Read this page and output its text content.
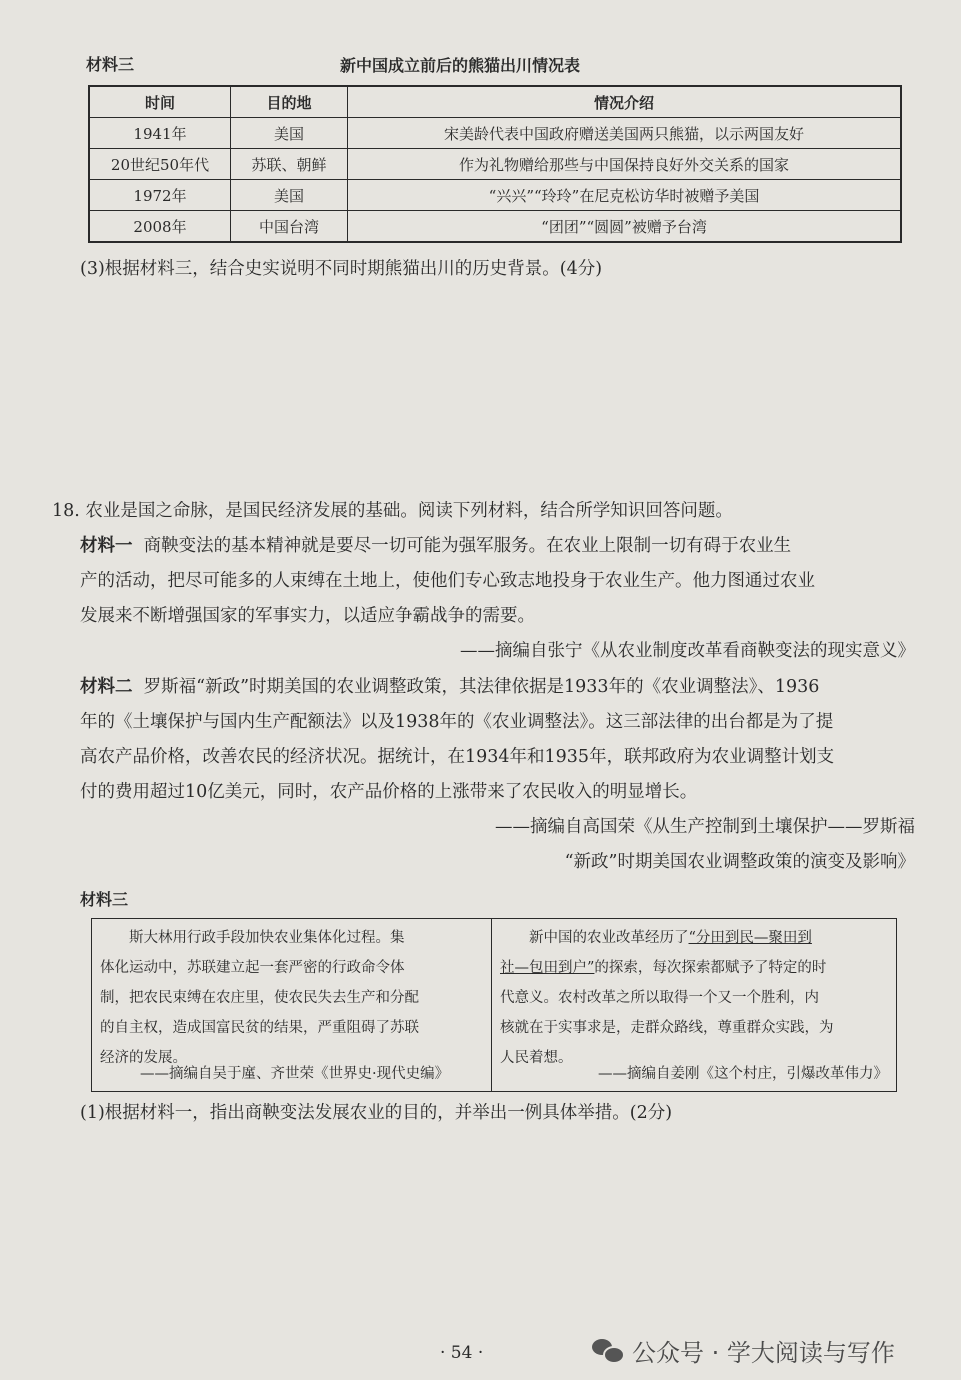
材料三	新中国成立前后的熊猫出川情况表
时间	目的地	情况介绍
1941年	美国	宋美龄代表中国政府赠送美国两只熊猫，以示两国友好
20世纪50年代	苏联、朝鲜	作为礼物赠给那些与中国保持良好外交关系的国家
1972年	美国	“兴兴”“玲玲”在尼克松访华时被赠予美国
2008年	中国台湾	“团团”“圆圆”被赠予台湾
(3)根据材料三，结合史实说明不同时期熊猫出川的历史背景。(4分)
18. 农业是国之命脉，是国民经济发展的基础。阅读下列材料，结合所学知识回答问题。
材料一 商鞅变法的基本精神就是要尽一切可能为强军服务。在农业上限制一切有碍于农业生
产的活动，把尽可能多的人束缚在土地上，使他们专心致志地投身于农业生产。他力图通过农业
发展来不断增强国家的军事实力，以适应争霸战争的需要。
——摘编自张宁《从农业制度改革看商鞅变法的现实意义》
材料二 罗斯福“新政”时期美国的农业调整政策，其法律依据是1933年的《农业调整法》、1936
年的《土壤保护与国内生产配额法》以及1938年的《农业调整法》。这三部法律的出台都是为了提
高农产品价格，改善农民的经济状况。据统计，在1934年和1935年，联邦政府为农业调整计划支
付的费用超过10亿美元，同时，农产品价格的上涨带来了农民收入的明显增长。
——摘编自高国荣《从生产控制到土壤保护——罗斯福
“新政”时期美国农业调整政策的演变及影响》
材料三
斯大林用行政手段加快农业集体化过程。集
体化运动中，苏联建立起一套严密的行政命令体
制，把农民束缚在农庄里，使农民失去生产和分配
的自主权，造成国富民贫的结果，严重阻碍了苏联
经济的发展。
——摘编自吴于廑、齐世荣《世界史·现代史编》
新中国的农业改革经历了“分田到民—聚田到
社—包田到户”的探索，每次探索都赋予了特定的时
代意义。农村改革之所以取得一个又一个胜利，内
核就在于实事求是，走群众路线，尊重群众实践，为
人民着想。
——摘编自姜刚《这个村庄，引爆改革伟力》
(1)根据材料一，指出商鞅变法发展农业的目的，并举出一例具体举措。(2分)
· 54 ·	公众号 · 学大阅读与写作
